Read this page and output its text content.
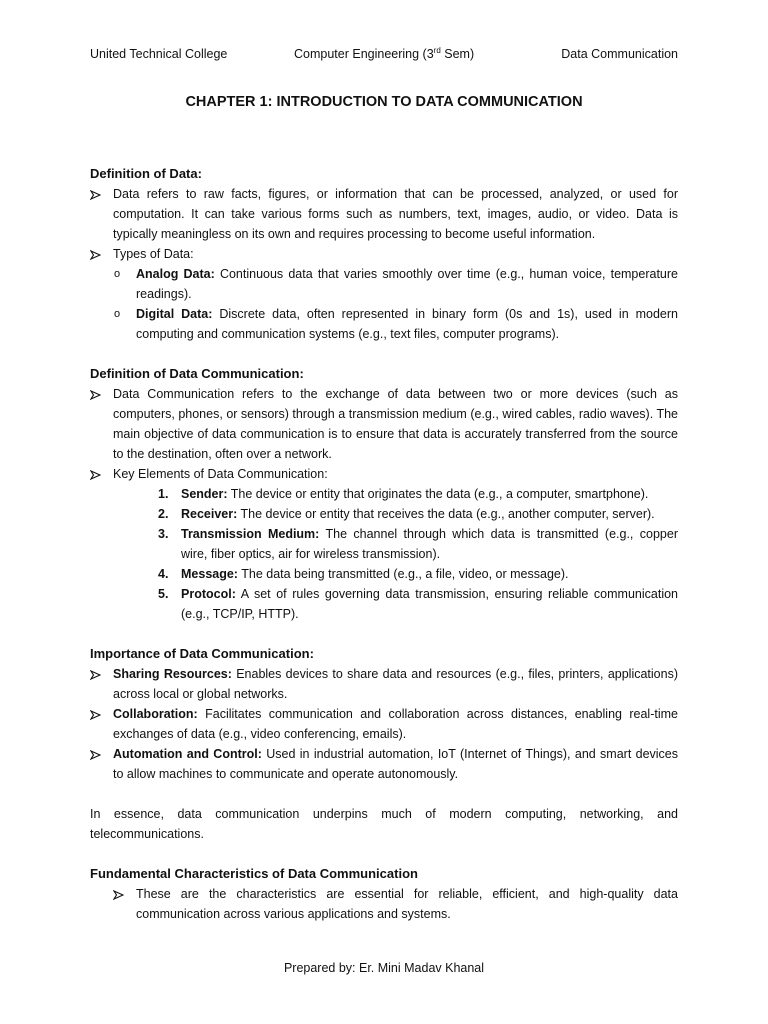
United Technical College	Computer Engineering (3rd Sem)	Data Communication
CHAPTER 1: INTRODUCTION TO DATA COMMUNICATION
Definition of Data:
Data refers to raw facts, figures, or information that can be processed, analyzed, or used for computation. It can take various forms such as numbers, text, images, audio, or video. Data is typically meaningless on its own and requires processing to become useful information.
Types of Data:
o Analog Data: Continuous data that varies smoothly over time (e.g., human voice, temperature readings).
o Digital Data: Discrete data, often represented in binary form (0s and 1s), used in modern computing and communication systems (e.g., text files, computer programs).
Definition of Data Communication:
Data Communication refers to the exchange of data between two or more devices (such as computers, phones, or sensors) through a transmission medium (e.g., wired cables, radio waves). The main objective of data communication is to ensure that data is accurately transferred from the source to the destination, often over a network.
Key Elements of Data Communication:
1. Sender: The device or entity that originates the data (e.g., a computer, smartphone).
2. Receiver: The device or entity that receives the data (e.g., another computer, server).
3. Transmission Medium: The channel through which data is transmitted (e.g., copper wire, fiber optics, air for wireless transmission).
4. Message: The data being transmitted (e.g., a file, video, or message).
5. Protocol: A set of rules governing data transmission, ensuring reliable communication (e.g., TCP/IP, HTTP).
Importance of Data Communication:
Sharing Resources: Enables devices to share data and resources (e.g., files, printers, applications) across local or global networks.
Collaboration: Facilitates communication and collaboration across distances, enabling real-time exchanges of data (e.g., video conferencing, emails).
Automation and Control: Used in industrial automation, IoT (Internet of Things), and smart devices to allow machines to communicate and operate autonomously.
In essence, data communication underpins much of modern computing, networking, and telecommunications.
Fundamental Characteristics of Data Communication
These are the characteristics are essential for reliable, efficient, and high-quality data communication across various applications and systems.
Prepared by: Er. Mini Madav Khanal
